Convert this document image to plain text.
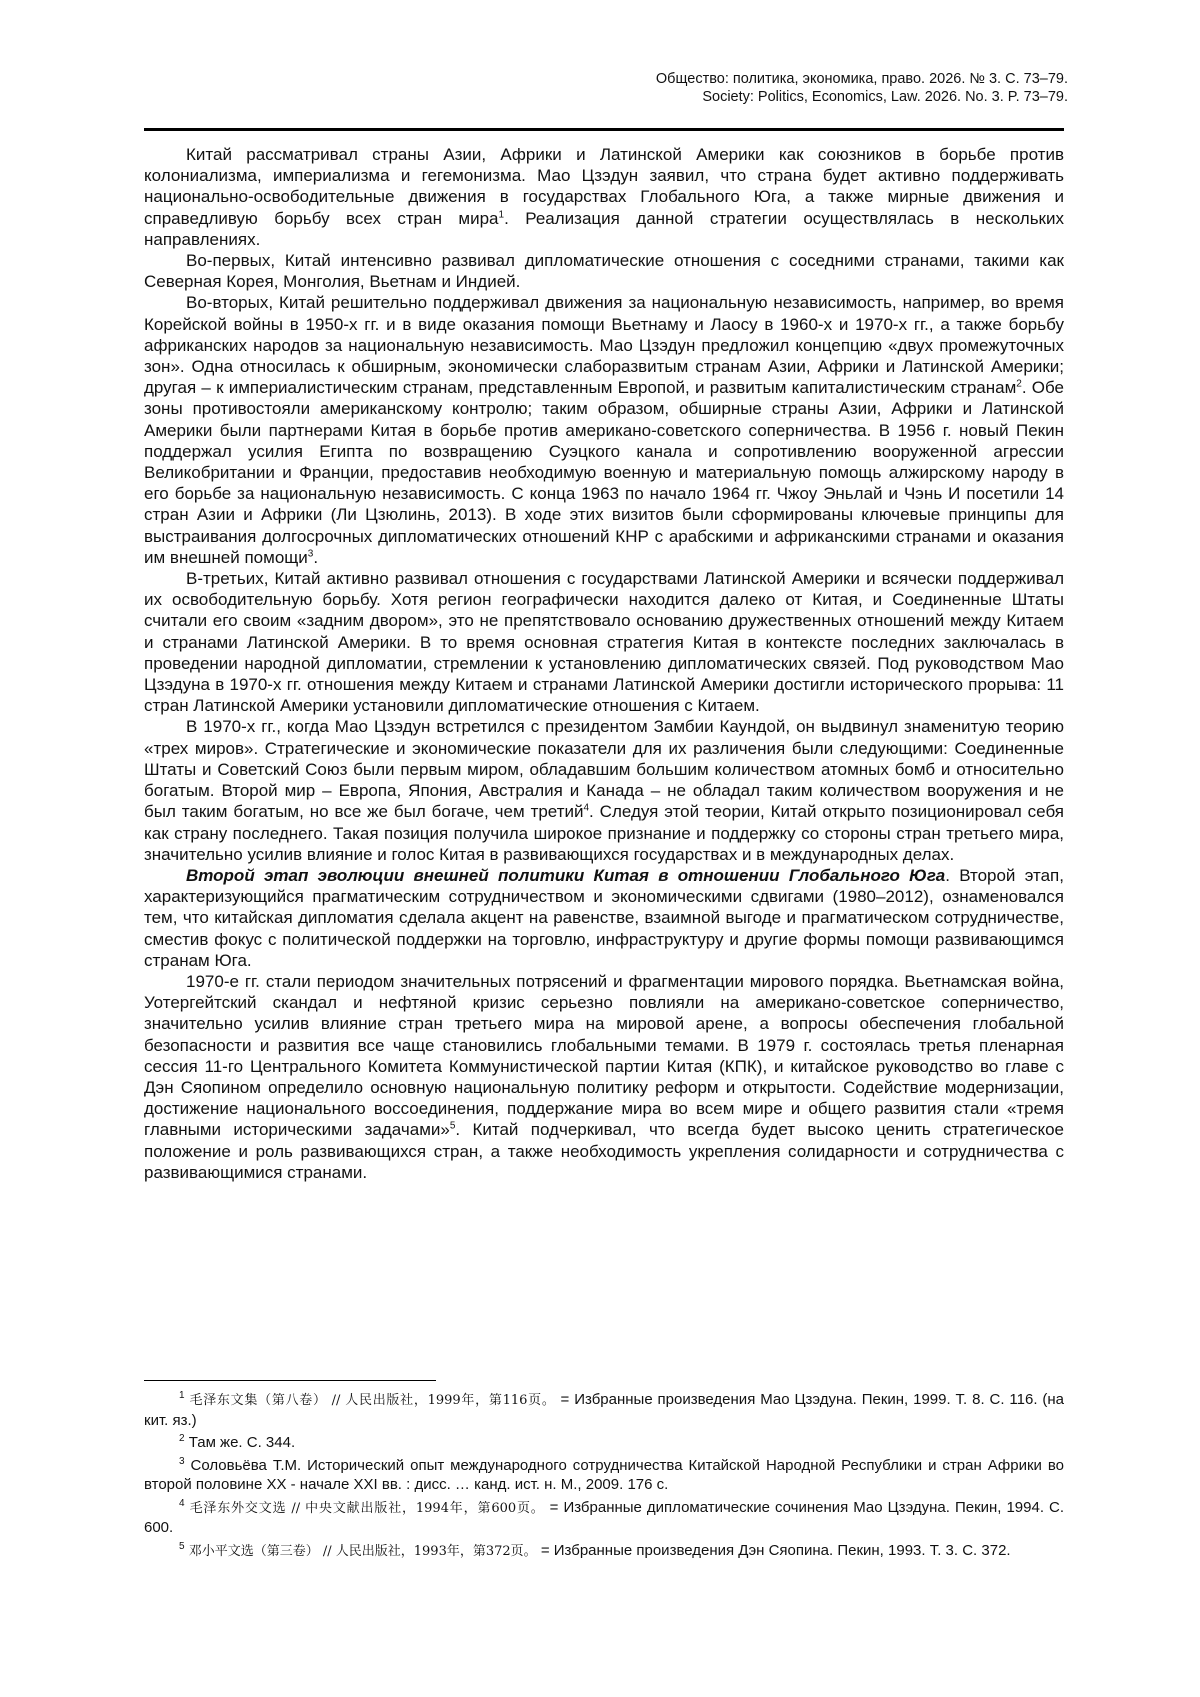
Общество: политика, экономика, право. 2026. № 3. С. 73–79.
Society: Politics, Economics, Law. 2026. No. 3. P. 73–79.

Китай рассматривал страны Азии, Африки и Латинской Америки как союзников в борьбе против колониализма, империализма и гегемонизма. Мао Цзэдун заявил, что страна будет активно поддерживать национально-освободительные движения в государствах Глобального Юга, а также мирные движения и справедливую борьбу всех стран мира$^1$. Реализация данной стратегии осуществлялась в нескольких направлениях.

Во-первых, Китай интенсивно развивал дипломатические отношения с соседними странами, такими как Северная Корея, Монголия, Вьетнам и Индией.

Во-вторых, Китай решительно поддерживал движения за национальную независимость, например, во время Корейской войны в 1950-х гг. и в виде оказания помощи Вьетнаму и Лаосу в 1960-х и 1970-х гг., а также борьбу африканских народов за национальную независимость. Мао Цзэдун предложил концепцию «двух промежуточных зон». Одна относилась к обширным, экономически слаборазвитым странам Азии, Африки и Латинской Америки; другая – к империалистическим странам, представленным Европой, и развитым капиталистическим странам$^2$. Обе зоны противостояли американскому контролю; таким образом, обширные страны Азии, Африки и Латинской Америки были партнерами Китая в борьбе против американо-советского соперничества. В 1956 г. новый Пекин поддержал усилия Египта по возвращению Суэцкого канала и сопротивлению вооруженной агрессии Великобритании и Франции, предоставив необходимую военную и материальную помощь алжирскому народу в его борьбе за национальную независимость. С конца 1963 по начало 1964 гг. Чжоу Эньлай и Чэнь И посетили 14 стран Азии и Африки (Ли Цзюлинь, 2013). В ходе этих визитов были сформированы ключевые принципы для выстраивания долгосрочных дипломатических отношений КНР с арабскими и африканскими странами и оказания им внешней помощи$^3$.

В-третьих, Китай активно развивал отношения с государствами Латинской Америки и всячески поддерживал их освободительную борьбу. Хотя регион географически находится далеко от Китая, и Соединенные Штаты считали его своим «задним двором», это не препятствовало основанию дружественных отношений между Китаем и странами Латинской Америки. В то время основная стратегия Китая в контексте последних заключалась в проведении народной дипломатии, стремлении к установлению дипломатических связей. Под руководством Мао Цзэдуна в 1970-х гг. отношения между Китаем и странами Латинской Америки достигли исторического прорыва: 11 стран Латинской Америки установили дипломатические отношения с Китаем.

В 1970-х гг., когда Мао Цзэдун встретился с президентом Замбии Каундой, он выдвинул знаменитую теорию «трех миров». Стратегические и экономические показатели для их различения были следующими: Соединенные Штаты и Советский Союз были первым миром, обладавшим большим количеством атомных бомб и относительно богатым. Второй мир – Европа, Япония, Австралия и Канада – не обладал таким количеством вооружения и не был таким богатым, но все же был богаче, чем третий$^4$. Следуя этой теории, Китай открыто позиционировал себя как страну последнего. Такая позиция получила широкое признание и поддержку со стороны стран третьего мира, значительно усилив влияние и голос Китая в развивающихся государствах и в международных делах.

Второй этап эволюции внешней политики Китая в отношении Глобального Юга. Второй этап, характеризующийся прагматическим сотрудничеством и экономическими сдвигами (1980–2012), ознаменовался тем, что китайская дипломатия сделала акцент на равенстве, взаимной выгоде и прагматическом сотрудничестве, сместив фокус с политической поддержки на торговлю, инфраструктуру и другие формы помощи развивающимся странам Юга.

1970-е гг. стали периодом значительных потрясений и фрагментации мирового порядка. Вьетнамская война, Уотергейтский скандал и нефтяной кризис серьезно повлияли на американо-советское соперничество, значительно усилив влияние стран третьего мира на мировой арене, а вопросы обеспечения глобальной безопасности и развития все чаще становились глобальными темами. В 1979 г. состоялась третья пленарная сессия 11-го Центрального Комитета Коммунистической партии Китая (КПК), и китайское руководство во главе с Дэн Сяопином определило основную национальную политику реформ и открытости. Содействие модернизации, достижение национального воссоединения, поддержание мира во всем мире и общего развития стали «тремя главными историческими задачами»$^5$. Китай подчеркивал, что всегда будет высоко ценить стратегическое положение и роль развивающихся стран, а также необходимость укрепления солидарности и сотрудничества с развивающимися странами.

$^1$ 毛泽东文集（第八卷） // 人民出版社，1999年，第116页。 = Избранные произведения Мао Цзэдуна. Пекин, 1999. Т. 8. С. 116. (на кит. яз.)

$^2$ Там же. С. 344.

$^3$ Соловьёва Т.М. Исторический опыт международного сотрудничества Китайской Народной Республики и стран Африки во второй половине XX - начале XXI вв. : дисс. … канд. ист. н. М., 2009. 176 с.

$^4$ 毛泽东外交文选 // 中央文献出版社，1994年，第600页。 = Избранные дипломатические сочинения Мао Цзэдуна. Пекин, 1994. С. 600.

$^5$ 邓小平文选（第三卷） // 人民出版社，1993年，第372页。 = Избранные произведения Дэн Сяопина. Пекин, 1993. Т. 3. С. 372.
